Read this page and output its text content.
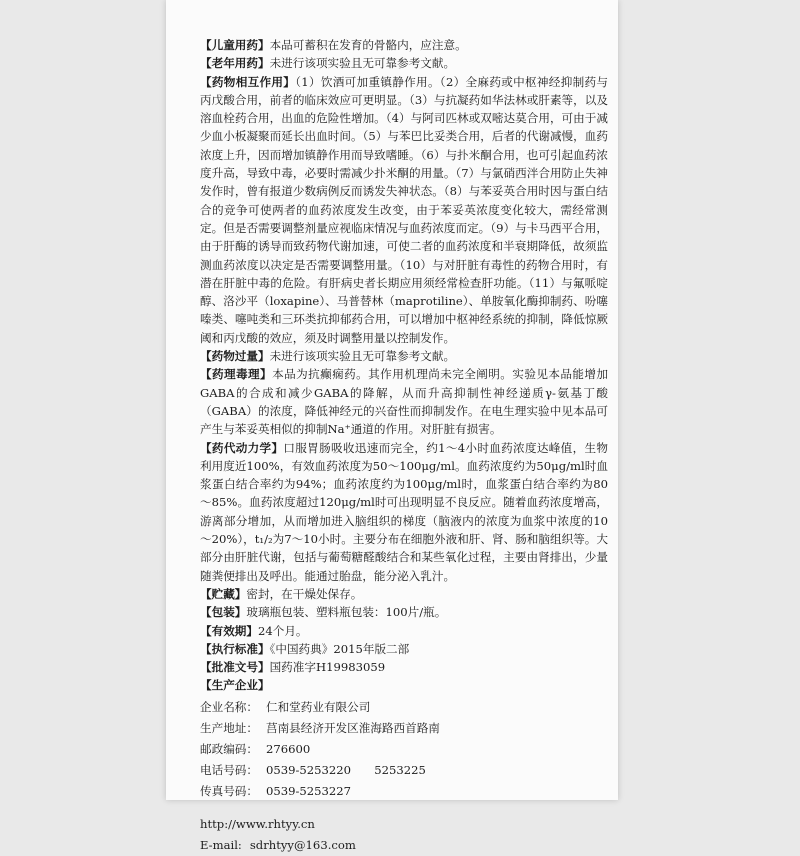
【儿童用药】本品可蓄积在发育的骨骼内，应注意。

【老年用药】未进行该项实验且无可靠参考文献。

【药物相互作用】（1）饮酒可加重镇静作用。（2）全麻药或中枢神经抑制药与丙戊酸合用，前者的临床效应可更明显。（3）与抗凝药如华法林或肝素等，以及溶血栓药合用，出血的危险性增加。（4）与阿司匹林或双嘧达莫合用，可由于减少血小板凝聚而延长出血时间。（5）与苯巴比妥类合用，后者的代谢减慢，血药浓度上升，因而增加镇静作用而导致嗜睡。（6）与扑米酮合用，也可引起血药浓度升高，导致中毒，必要时需减少扑米酮的用量。（7）与氯硝西泮合用防止失神发作时，曾有报道少数病例反而诱发失神状态。（8）与苯妥英合用时因与蛋白结合的竞争可使两者的血药浓度发生改变，由于苯妥英浓度变化较大，需经常测定。但是否需要调整剂量应视临床情况与血药浓度而定。（9）与卡马西平合用，由于肝酶的诱导而致药物代谢加速，可使二者的血药浓度和半衰期降低，故须监测血药浓度以决定是否需要调整用量。（10）与对肝脏有毒性的药物合用时，有潜在肝脏中毒的危险。有肝病史者长期应用须经常检查肝功能。（11）与氟哌啶醇、洛沙平（loxapine）、马普替林（maprotiline）、单胺氧化酶抑制药、吩噻嗪类、噻吨类和三环类抗抑郁药合用，可以增加中枢神经系统的抑制，降低惊厥阈和丙戊酸的效应，须及时调整用量以控制发作。

【药物过量】未进行该项实验且无可靠参考文献。

【药理毒理】本品为抗癫痫药。其作用机理尚未完全阐明。实验见本品能增加GABA的合成和减少GABA的降解，从而升高抑制性神经递质γ-氨基丁酸（GABA）的浓度，降低神经元的兴奋性而抑制发作。在电生理实验中见本品可产生与苯妥英相似的抑制Na⁺通道的作用。对肝脏有损害。

【药代动力学】口服胃肠吸收迅速而完全，约1～4小时血药浓度达峰值，生物利用度近100%，有效血药浓度为50～100μg/ml。血药浓度约为50μg/ml时血浆蛋白结合率约为94%；血药浓度约为100μg/ml时，血浆蛋白结合率约为80～85%。血药浓度超过120μg/ml时可出现明显不良反应。随着血药浓度增高，游离部分增加，从而增加进入脑组织的梯度（脑液内的浓度为血浆中浓度的10～20%），t₁/₂为7～10小时。主要分布在细胞外液和肝、肾、肠和脑组织等。大部分由肝脏代谢，包括与葡萄糖醛酸结合和某些氧化过程，主要由肾排出，少量随粪便排出及呼出。能通过胎盘，能分泌入乳汁。

【贮藏】密封，在干燥处保存。

【包装】玻璃瓶包装、塑料瓶包装：100片/瓶。

【有效期】24个月。

【执行标准】《中国药典》2015年版二部

【批准文号】国药准字H19983059

【生产企业】

企业名称： 仁和堂药业有限公司
生产地址： 莒南县经济开发区淮海路西首路南
邮政编码： 276600
电话号码： 0539-5253220　　5253225
传真号码： 0539-5253227
http: //www.rhtyy.cn
E-mail: sdrhtyy@163.com
